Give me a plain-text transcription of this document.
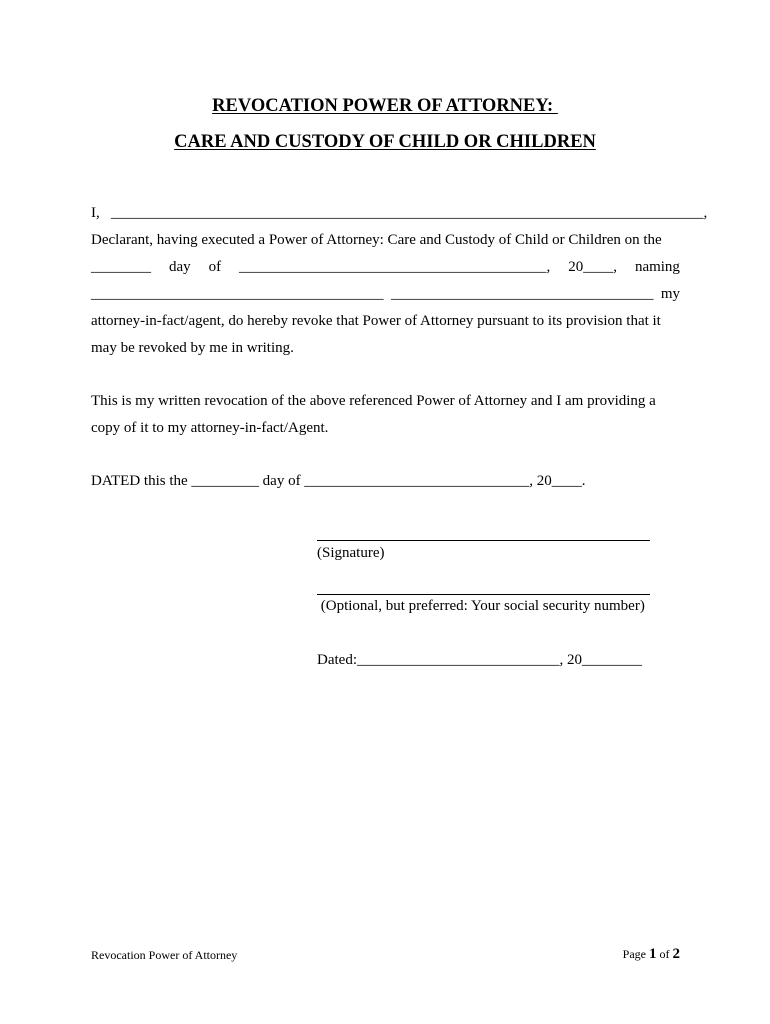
REVOCATION POWER OF ATTORNEY:
CARE AND CUSTODY OF CHILD OR CHILDREN
I,   _______________________________________________________________________________,
Declarant, having executed a Power of Attorney: Care and Custody of Child or Children on the
________ day of _________________________________________, 20____, naming
_______________________________________  ___________________________________ my
attorney-in-fact/agent, do hereby revoke that Power of Attorney pursuant to its provision that it
may be revoked by me in writing.
This is my written revocation of the above referenced Power of Attorney and I am providing a
copy of it to my attorney-in-fact/Agent.
DATED this the _________ day of ______________________________, 20____.
(Signature)
(Optional, but preferred: Your social security number)
Dated:___________________________, 20________
Revocation Power of Attorney	Page 1 of 2
